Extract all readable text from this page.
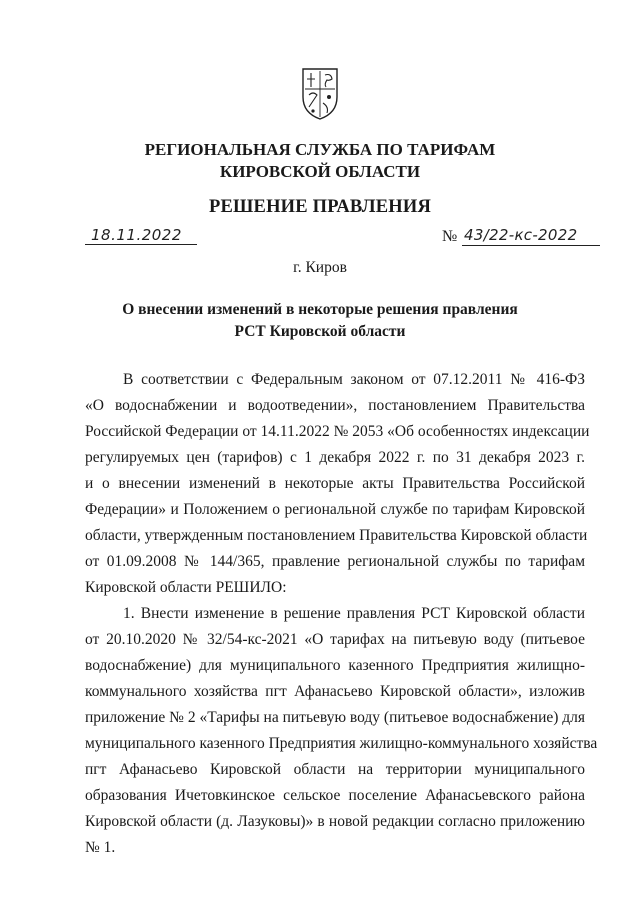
РЕГИОНАЛЬНАЯ СЛУЖБА ПО ТАРИФАМ
КИРОВСКОЙ ОБЛАСТИ
РЕШЕНИЕ ПРАВЛЕНИЯ
18.11.2022	№ 43/22-кс-2022
г. Киров
О внесении изменений в некоторые решения правления
РСТ Кировской области
В соответствии с Федеральным законом от 07.12.2011 № 416-ФЗ
«О водоснабжении и водоотведении», постановлением Правительства
Российской Федерации от 14.11.2022 № 2053 «Об особенностях индексации
регулируемых цен (тарифов) с 1 декабря 2022 г. по 31 декабря 2023 г.
и о внесении изменений в некоторые акты Правительства Российской
Федерации» и Положением о региональной службе по тарифам Кировской
области, утвержденным постановлением Правительства Кировской области
от 01.09.2008 № 144/365, правление региональной службы по тарифам
Кировской области РЕШИЛО:
1. Внести изменение в решение правления РСТ Кировской области
от 20.10.2020 № 32/54-кс-2021 «О тарифах на питьевую воду (питьевое
водоснабжение) для муниципального казенного Предприятия жилищно-
коммунального хозяйства пгт Афанасьево Кировской области», изложив
приложение № 2 «Тарифы на питьевую воду (питьевое водоснабжение) для
муниципального казенного Предприятия жилищно-коммунального хозяйства
пгт Афанасьево Кировской области на территории муниципального
образования Ичетовкинское сельское поселение Афанасьевского района
Кировской области (д. Лазуковы)» в новой редакции согласно приложению
№ 1.
